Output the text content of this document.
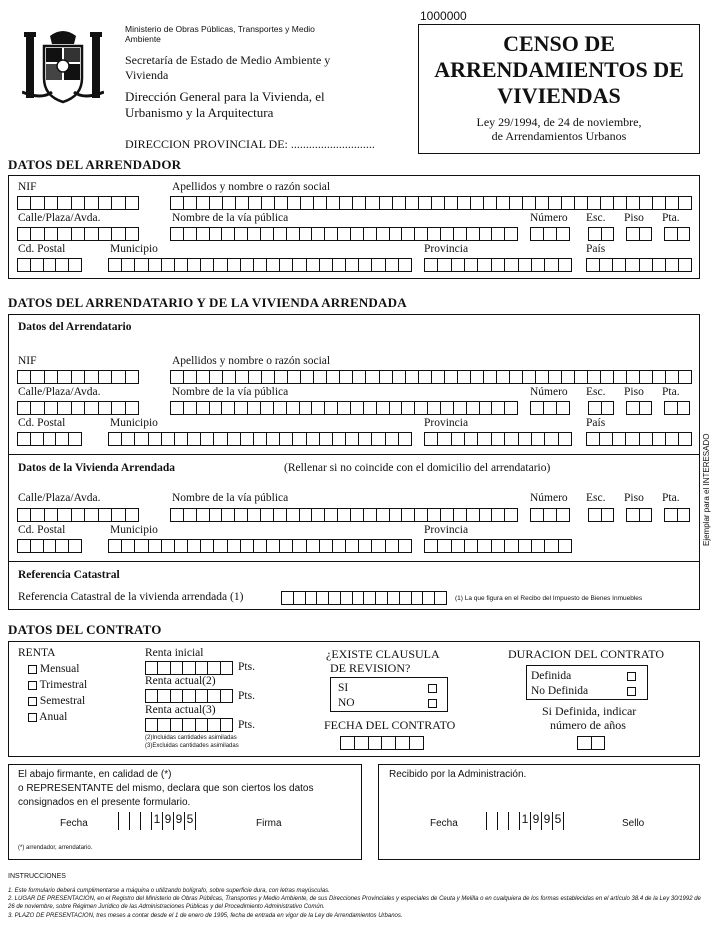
Ministerio de Obras Públicas, Transportes y Medio Ambiente
Secretaría de Estado de Medio Ambiente y Vivienda
Dirección General para la Vivienda, el Urbanismo y la Arquitectura
DIRECCION PROVINCIAL DE: ............................
1000000
CENSO DE
ARRENDAMIENTOS DE
VIVIENDAS
Ley 29/1994, de 24 de noviembre,
de Arrendamientos Urbanos
DATOS DEL ARRENDADOR
NIF	Apellidos y nombre o razón social
Calle/Plaza/Avda.	Nombre de la vía pública	Número Esc. Piso Pta.
Cd. Postal	Municipio	Provincia	País
DATOS DEL ARRENDATARIO Y DE LA VIVIENDA ARRENDADA
Datos del Arrendatario
NIF	Apellidos y nombre o razón social
Calle/Plaza/Avda.	Nombre de la vía pública	Número Esc. Piso Pta.
Cd. Postal	Municipio	Provincia	País
Datos de la Vivienda Arrendada	(Rellenar si no coincide con el domicilio del arrendatario)
Calle/Plaza/Avda.	Nombre de la vía pública	Número Esc. Piso Pta.
Cd. Postal	Municipio	Provincia
Referencia Catastral
Referencia Catastral de la vivienda arrendada (1)	(1) La que figura en el Recibo del Impuesto de Bienes Inmuebles
Ejemplar para el INTERESADO
DATOS DEL CONTRATO
RENTA
Mensual
Trimestral
Semestral
Anual
Renta inicial
Pts.
Renta actual(2)
Pts.
Renta actual(3)
Pts.
(2)Incluidas cantidades asimiladas
(3)Excluidas cantidades asimiladas
¿EXISTE CLAUSULA
DE REVISION?
SI
NO
FECHA DEL CONTRATO
DURACION DEL CONTRATO
Definida
No Definida
Si Definida, indicar
número de años
El abajo firmante, en calidad de (*)
o REPRESENTANTE del mismo, declara que son ciertos los datos
consignados en el presente formulario.
Fecha	1 9 9 5	Firma
(*) arrendador, arrendatario.
Recibido por la Administración.
Fecha	1 9 9 5	Sello
INSTRUCCIONES
1. Este formulario deberá cumplimentarse a máquina o utilizando bolígrafo, sobre superficie dura, con letras mayúsculas.
2. LUGAR DE PRESENTACION, en el Registro del Ministerio de Obras Públicas, Transportes y Medio Ambiente, de sus Direcciones Provinciales y especiales de Ceuta y Melilla o en cualquiera de los formas establecidas en el artículo 38.4 de la Ley 30/1992 de 26 de noviembre, sobre Régimen Jurídico de las Administraciones Públicas y del Procedimiento Administrativo Común.
3. PLAZO DE PRESENTACION, tres meses a contar desde el 1 de enero de 1995, fecha de entrada en vigor de la Ley de Arrendamientos Urbanos.
